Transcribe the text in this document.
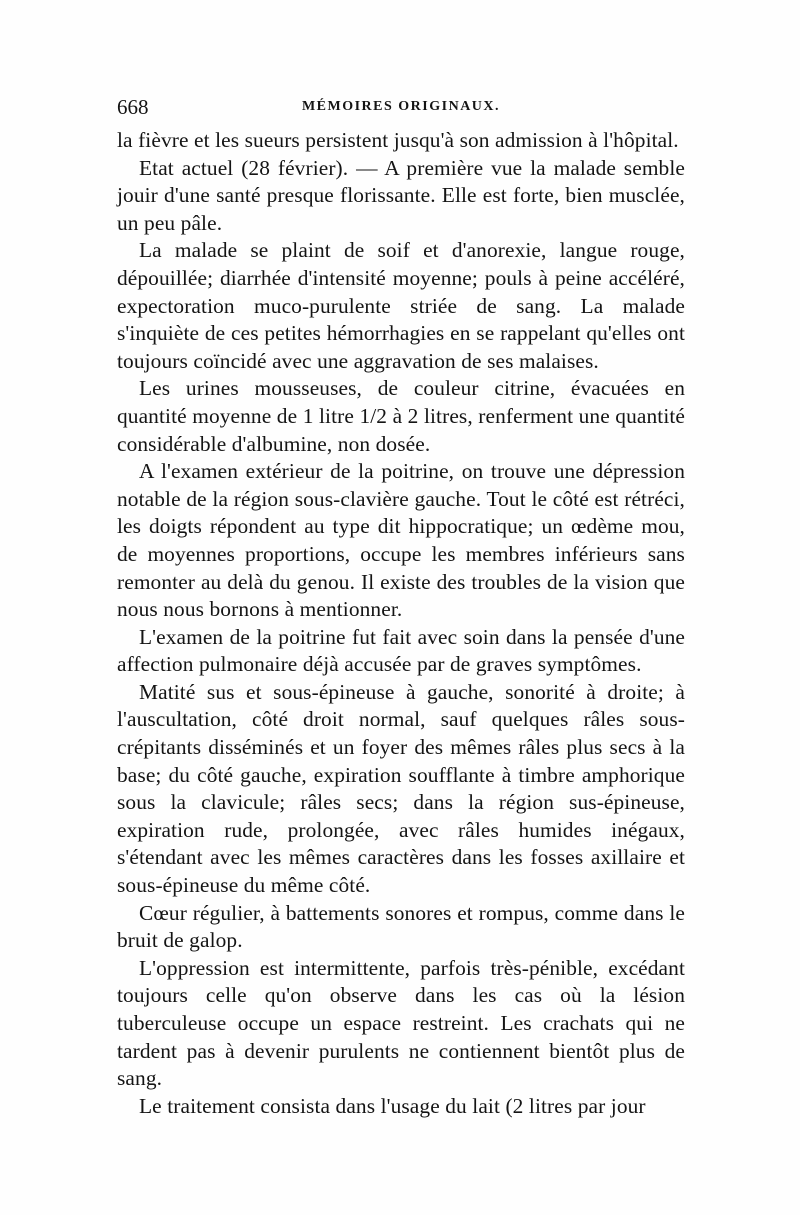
668	MÉMOIRES ORIGINAUX.

la fièvre et les sueurs persistent jusqu'à son admission à l'hôpital.

Etat actuel (28 février). — A première vue la malade semble jouir d'une santé presque florissante. Elle est forte, bien musclée, un peu pâle.

La malade se plaint de soif et d'anorexie, langue rouge, dépouillée; diarrhée d'intensité moyenne; pouls à peine accéléré, expectoration muco-purulente striée de sang. La malade s'inquiète de ces petites hémorrhagies en se rappelant qu'elles ont toujours coïncidé avec une aggravation de ses malaises.

Les urines mousseuses, de couleur citrine, évacuées en quantité moyenne de 1 litre 1/2 à 2 litres, renferment une quantité considérable d'albumine, non dosée.

A l'examen extérieur de la poitrine, on trouve une dépression notable de la région sous-clavière gauche. Tout le côté est rétréci, les doigts répondent au type dit hippocratique; un œdème mou, de moyennes proportions, occupe les membres inférieurs sans remonter au delà du genou. Il existe des troubles de la vision que nous nous bornons à mentionner.

L'examen de la poitrine fut fait avec soin dans la pensée d'une affection pulmonaire déjà accusée par de graves symptômes.

Matité sus et sous-épineuse à gauche, sonorité à droite; à l'auscultation, côté droit normal, sauf quelques râles sous-crépitants disséminés et un foyer des mêmes râles plus secs à la base; du côté gauche, expiration soufflante à timbre amphorique sous la clavicule; râles secs; dans la région sus-épineuse, expiration rude, prolongée, avec râles humides inégaux, s'étendant avec les mêmes caractères dans les fosses axillaire et sous-épineuse du même côté.

Cœur régulier, à battements sonores et rompus, comme dans le bruit de galop.

L'oppression est intermittente, parfois très-pénible, excédant toujours celle qu'on observe dans les cas où la lésion tuberculeuse occupe un espace restreint. Les crachats qui ne tardent pas à devenir purulents ne contiennent bientôt plus de sang.

Le traitement consista dans l'usage du lait (2 litres par jour
